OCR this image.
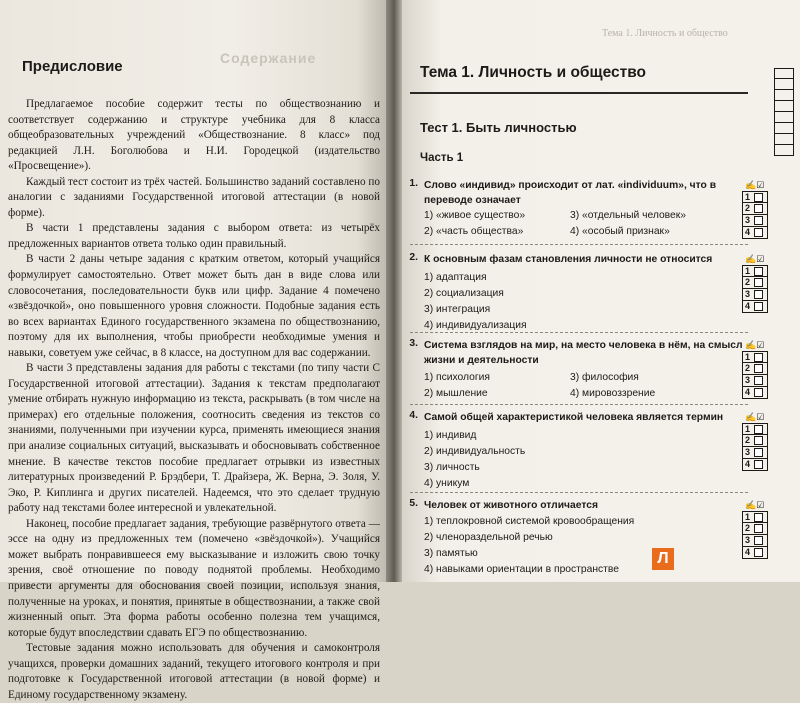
Содержание
Предисловие

Предлагаемое пособие содержит тесты по обществознанию и соответствует содержанию и структуре учебника для 8 класса общеобразовательных учреждений «Обществознание. 8 класс» под редакцией Л.Н. Боголюбова и Н.И. Городецкой (издательство «Просвещение»).

Каждый тест состоит из трёх частей. Большинство заданий составлено по аналогии с заданиями Государственной итоговой аттестации (в новой форме).

В части 1 представлены задания с выбором ответа: из четырёх предложенных вариантов ответа только один правильный.

В части 2 даны четыре задания с кратким ответом, который учащийся формулирует самостоятельно. Ответ может быть дан в виде слова или словосочетания, последовательности букв или цифр. Задание 4 помечено «звёздочкой», оно повышенного уровня сложности. Подобные задания есть во всех вариантах Единого государственного экзамена по обществознанию, поэтому для их выполнения, чтобы приобрести необходимые умения и навыки, советуем уже сейчас, в 8 классе, на доступном для вас содержании.

В части 3 представлены задания для работы с текстами (по типу части С Государственной итоговой аттестации). Задания к текстам предполагают умение отбирать нужную информацию из текста, раскрывать (в том числе на примерах) его отдельные положения, соотносить сведения из текстов со знаниями, полученными при изучении курса, применять имеющиеся знания при анализе социальных ситуаций, высказывать и обосновывать собственное мнение. В качестве текстов пособие предлагает отрывки из известных литературных произведений Р. Брэдбери, Т. Драйзера, Ж. Верна, Э. Золя, У. Эко, Р. Киплинга и других писателей. Надеемся, что это сделает трудную работу над текстами более интересной и увлекательной.

Наконец, пособие предлагает задания, требующие развёрнутого ответа — эссе на одну из предложенных тем (помечено «звёздочкой»). Учащийся может выбрать понравившееся ему высказывание и изложить свою точку зрения, своё отношение по поводу поднятой проблемы. Необходимо привести аргументы для обоснования своей позиции, используя знания, полученные на уроках, и понятия, принятые в обществознании, а также свой жизненный опыт. Эта форма работы особенно полезна тем учащимся, которые будут впоследствии сдавать ЕГЭ по обществознанию.

Тестовые задания можно использовать для обучения и самоконтроля учащихся, проверки домашних заданий, текущего итогового контроля и при подготовке к Государственной итоговой аттестации (в новой форме) и Единому государственному экзамену.

Тема 1. Личность и общество
Тема 1. Личность и общество
Тест 1. Быть личностью
Часть 1
1. Слово «индивид» происходит от лат. «individuum», что в переводе означает
1) «живое существо»
2) «часть общества»
3) «отдельный человек»
4) «особый признак»
✍☑
1
2
3
4
2. К основным фазам становления личности не относится
1) адаптация
2) социализация
3) интеграция
4) индивидуализация
✍☑
1
2
3
4
3. Система взглядов на мир, на место человека в нём, на смысл жизни и деятельности
1) психология
2) мышление
3) философия
4) мировоззрение
✍☑
1
2
3
4
4. Самой общей характеристикой человека является термин
1) индивид
2) индивидуальность
3) личность
4) уникум
✍☑
1
2
3
4
5. Человек от животного отличается
1) теплокровной системой кровообращения
2) членораздельной речью
3) памятью
4) навыками ориентации в пространстве
✍☑
1
2
3
4
Л
